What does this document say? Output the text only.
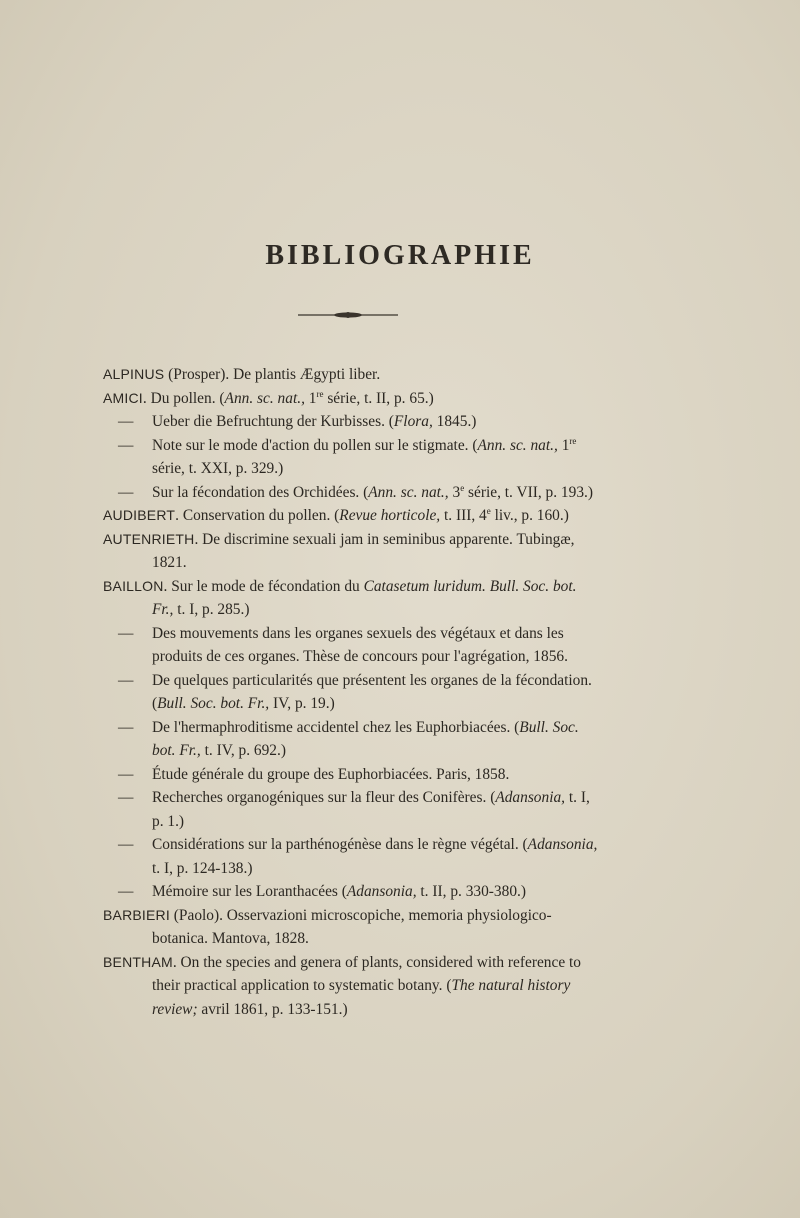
BIBLIOGRAPHIE

ALPINUS (Prosper). De plantis Ægypti liber.

AMICI. Du pollen. (Ann. sc. nat., 1re série, t. II, p. 65.)

— Ueber die Befruchtung der Kurbisses. (Flora, 1845.)

— Note sur le mode d'action du pollen sur le stigmate. (Ann. sc. nat., 1re série, t. XXI, p. 329.)

— Sur la fécondation des Orchidées. (Ann. sc. nat., 3e série, t. VII, p. 193.)

AUDIBERT. Conservation du pollen. (Revue horticole, t. III, 4e liv., p. 160.)

AUTENRIETH. De discrimine sexuali jam in seminibus apparente. Tubingæ, 1821.

BAILLON. Sur le mode de fécondation du Catasetum luridum. Bull. Soc. bot. Fr., t. I, p. 285.)

— Des mouvements dans les organes sexuels des végétaux et dans les produits de ces organes. Thèse de concours pour l'agrégation, 1856.

— De quelques particularités que présentent les organes de la fécondation. (Bull. Soc. bot. Fr., IV, p. 19.)

— De l'hermaphroditisme accidentel chez les Euphorbiacées. (Bull. Soc. bot. Fr., t. IV, p. 692.)

— Étude générale du groupe des Euphorbiacées. Paris, 1858.

— Recherches organogéniques sur la fleur des Conifères. (Adansonia, t. I, p. 1.)

— Considérations sur la parthénogénèse dans le règne végétal. (Adansonia, t. I, p. 124-138.)

— Mémoire sur les Loranthacées (Adansonia, t. II, p. 330-380.)

BARBIERI (Paolo). Osservazioni microscopiche, memoria physiologico-botanica. Mantova, 1828.

BENTHAM. On the species and genera of plants, considered with reference to their practical application to systematic botany. (The natural history review; avril 1861, p. 133-151.)
